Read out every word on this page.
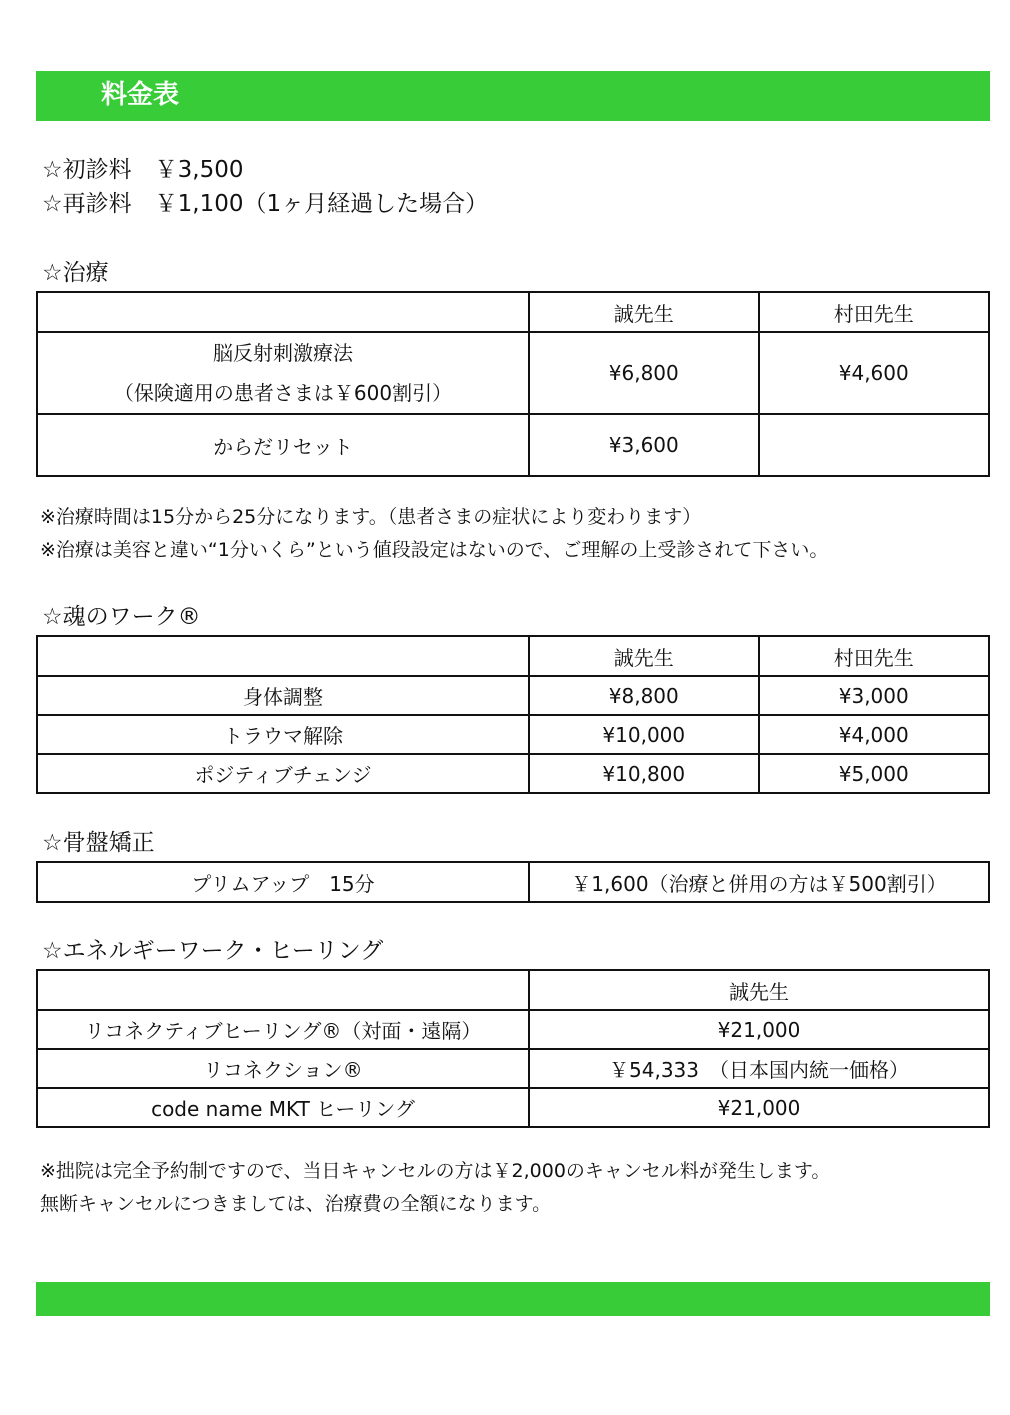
料金表
☆初診料　￥3,500
☆再診料　￥1,100（1ヶ月経過した場合）
☆治療
	誠先生	村田先生

脳反射刺激療法
（保険適用の患者さまは￥600割引）	¥6,800	¥4,600
からだリセット	¥3,600	
※治療時間は15分から25分になります。（患者さまの症状により変わります）
※治療は美容と違い“1分いくら”という値段設定はないので、ご理解の上受診されて下さい。
☆魂のワーク®
	誠先生	村田先生
身体調整	¥8,800	¥3,000
トラウマ解除	¥10,000	¥4,000
ポジティブチェンジ	¥10,800	¥5,000
☆骨盤矯正
プリムアップ　15分	￥1,600（治療と併用の方は￥500割引）
☆エネルギーワーク・ヒーリング
	誠先生
リコネクティブヒーリング®（対面・遠隔）	¥21,000
リコネクション®	￥54,333　（日本国内統一価格）
code name MKT ヒーリング	¥21,000
※拙院は完全予約制ですので、当日キャンセルの方は￥2,000のキャンセル料が発生します。
無断キャンセルにつきましては、治療費の全額になります。
